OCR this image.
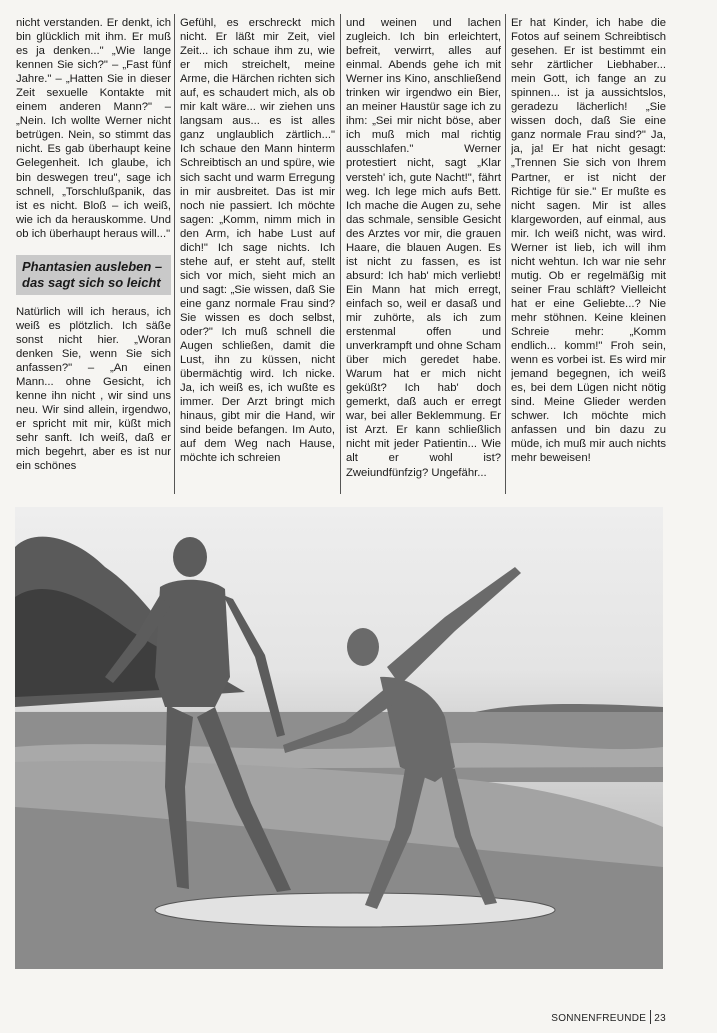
nicht verstanden. Er denkt, ich bin glücklich mit ihm. Er muß es ja denken..." „Wie lange kennen Sie sich?" – „Fast fünf Jahre." – „Hatten Sie in dieser Zeit sexuelle Kontakte mit einem anderen Mann?" – „Nein. Ich wollte Werner nicht betrügen. Nein, so stimmt das nicht. Es gab überhaupt keine Gelegenheit. Ich glaube, ich bin deswegen treu", sage ich schnell, „Torschlußpanik, das ist es nicht. Bloß – ich weiß, wie ich da herauskomme. Und ob ich überhaupt heraus will..."

Phantasien ausleben – das sagt sich so leicht

Natürlich will ich heraus, ich weiß es plötzlich. Ich säße sonst nicht hier. „Woran denken Sie, wenn Sie sich anfassen?" – „An einen Mann... ohne Gesicht, ich kenne ihn nicht , wir sind uns neu. Wir sind allein, irgendwo, er spricht mit mir, küßt mich sehr sanft. Ich weiß, daß er mich begehrt, aber es ist nur ein schönes

Gefühl, es erschreckt mich nicht. Er läßt mir Zeit, viel Zeit... ich schaue ihm zu, wie er mich streichelt, meine Arme, die Härchen richten sich auf, es schaudert mich, als ob mir kalt wäre... wir ziehen uns langsam aus... es ist alles ganz unglaublich zärtlich..." Ich schaue den Mann hinterm Schreibtisch an und spüre, wie sich sacht und warm Erregung in mir ausbreitet. Das ist mir noch nie passiert. Ich möchte sagen: „Komm, nimm mich in den Arm, ich habe Lust auf dich!" Ich sage nichts. Ich stehe auf, er steht auf, stellt sich vor mich, sieht mich an und sagt: „Sie wissen, daß Sie eine ganz normale Frau sind? Sie wissen es doch selbst, oder?" Ich muß schnell die Augen schließen, damit die Lust, ihn zu küssen, nicht übermächtig wird. Ich nicke. Ja, ich weiß es, ich wußte es immer. Der Arzt bringt mich hinaus, gibt mir die Hand, wir sind beide befangen. Im Auto, auf dem Weg nach Hause, möchte ich schreien

und weinen und lachen zugleich. Ich bin erleichtert, befreit, verwirrt, alles auf einmal. Abends gehe ich mit Werner ins Kino, anschließend trinken wir irgendwo ein Bier, an meiner Haustür sage ich zu ihm: „Sei mir nicht böse, aber ich muß mich mal richtig ausschlafen." Werner protestiert nicht, sagt „Klar versteh' ich, gute Nacht!", fährt weg. Ich lege mich aufs Bett. Ich mache die Augen zu, sehe das schmale, sensible Gesicht des Arztes vor mir, die grauen Haare, die blauen Augen. Es ist nicht zu fassen, es ist absurd: Ich hab' mich verliebt! Ein Mann hat mich erregt, einfach so, weil er dasaß und mir zuhörte, als ich zum erstenmal offen und unverkrampft und ohne Scham über mich geredet habe. Warum hat er mich nicht geküßt? Ich hab' doch gemerkt, daß auch er erregt war, bei aller Beklemmung. Er ist Arzt. Er kann schließlich nicht mit jeder Patientin... Wie alt er wohl ist? Zweiundfünfzig? Ungefähr...

Er hat Kinder, ich habe die Fotos auf seinem Schreibtisch gesehen. Er ist bestimmt ein sehr zärtlicher Liebhaber... mein Gott, ich fange an zu spinnen... ist ja aussichtslos, geradezu lächerlich! „Sie wissen doch, daß Sie eine ganz normale Frau sind?" Ja, ja, ja! Er hat nicht gesagt: „Trennen Sie sich von Ihrem Partner, er ist nicht der Richtige für sie." Er mußte es nicht sagen. Mir ist alles klargeworden, auf einmal, aus mir. Ich weiß nicht, was wird. Werner ist lieb, ich will ihm nicht wehtun. Ich war nie sehr mutig. Ob er regelmäßig mit seiner Frau schläft? Vielleicht hat er eine Geliebte...? Nie mehr stöhnen. Keine kleinen Schreie mehr: „Komm endlich... komm!" Froh sein, wenn es vorbei ist. Es wird mir jemand begegnen, ich weiß es, bei dem Lügen nicht nötig sind. Meine Glieder werden schwer. Ich möchte mich anfassen und bin dazu zu müde, ich muß mir auch nichts mehr beweisen!

SONNENFREUNDE 23
